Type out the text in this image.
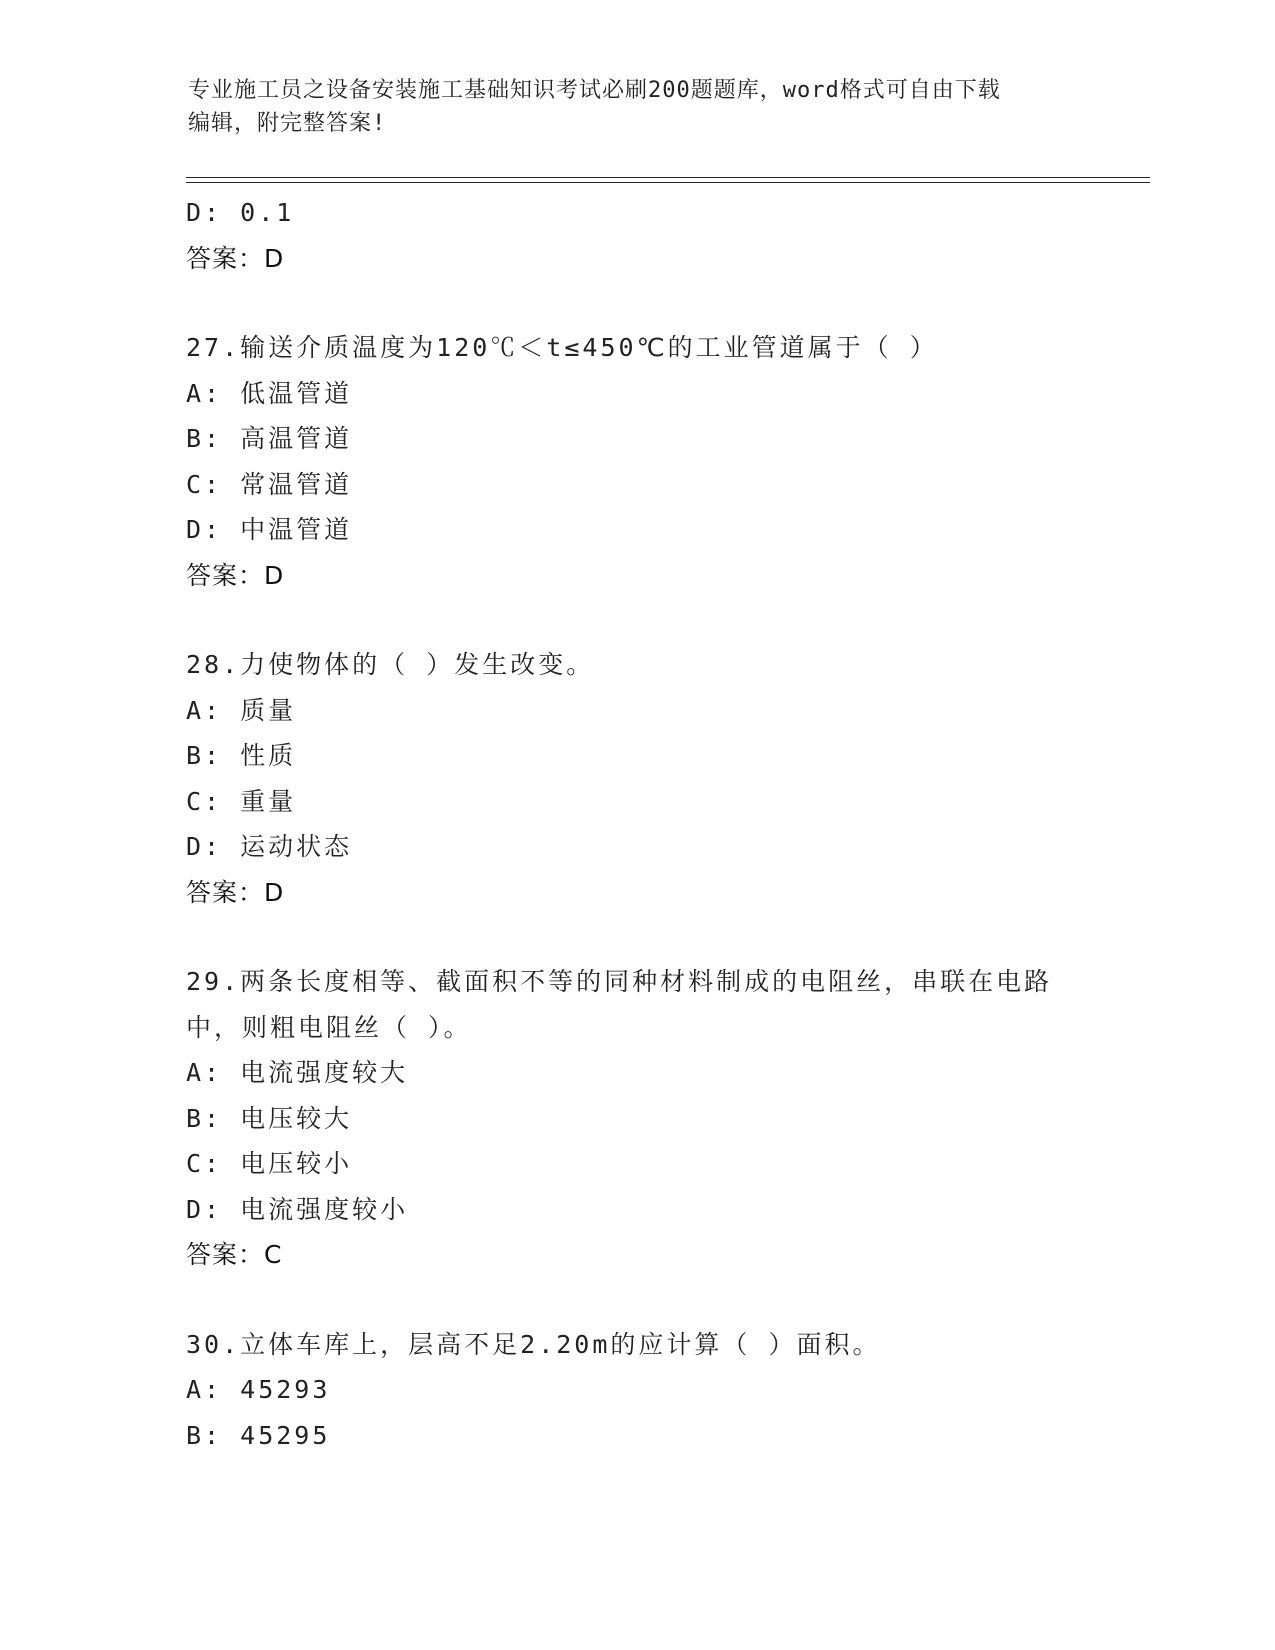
专业施工员之设备安装施工基础知识考试必刷200题题库，word格式可自由下载
编辑，附完整答案!
D: 0.1
答案：D
27.输送介质温度为120℃＜t≤450℃的工业管道属于（ ）
A: 低温管道
B: 高温管道
C: 常温管道
D: 中温管道
答案：D
28.力使物体的（ ）发生改变。
A: 质量
B: 性质
C: 重量
D: 运动状态
答案：D
29.两条长度相等、截面积不等的同种材料制成的电阻丝，串联在电路
中，则粗电阻丝（ ）。
A: 电流强度较大
B: 电压较大
C: 电压较小
D: 电流强度较小
答案：C
30.立体车库上，层高不足2.20m的应计算（ ）面积。
A: 45293
B: 45295
